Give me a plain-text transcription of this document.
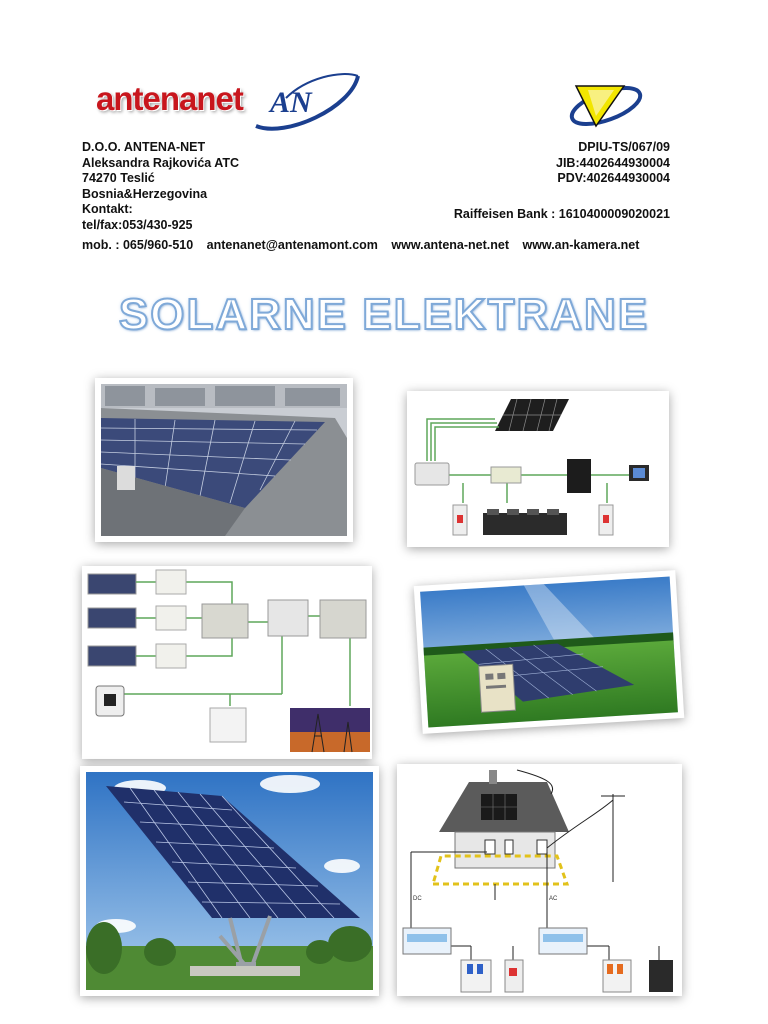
antenanet AN
D.O.O. ANTENA-NET
Aleksandra Rajkovića ATC
74270 Teslić
Bosnia&Herzegovina
Kontakt:
tel/fax:053/430-925
DPIU-TS/067/09
JIB:4402644930004
PDV:402644930004
Raiffeisen Bank : 1610400009020021
mob. : 065/960-510 antenanet@antenamont.com www.antena-net.net www.an-kamera.net
SOLARNE ELEKTRANE
DC	AC
